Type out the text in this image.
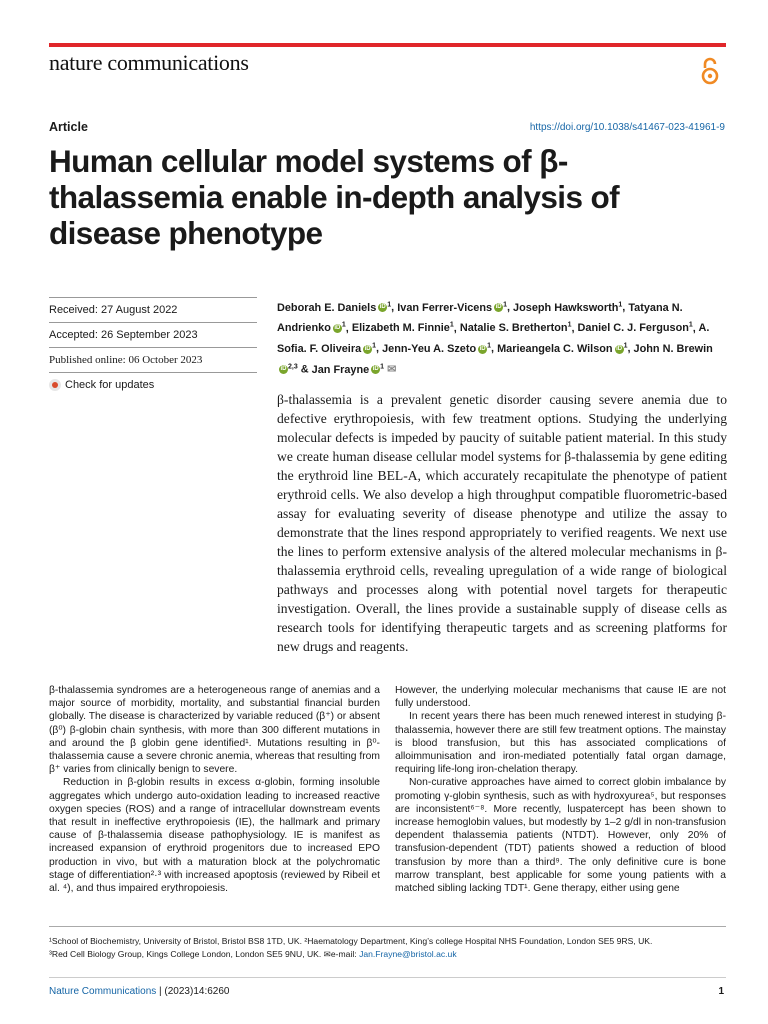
nature communications
Article	https://doi.org/10.1038/s41467-023-41961-9
Human cellular model systems of β-thalassemia enable in-depth analysis of disease phenotype
Received: 27 August 2022
Accepted: 26 September 2023
Published online: 06 October 2023
Check for updates
Deborah E. Daniels iD $^1$, Ivan Ferrer-Vicens iD $^1$, Joseph Hawksworth$^1$, Tatyana N. Andrienko iD $^1$, Elizabeth M. Finnie$^1$, Natalie S. Bretherton$^1$, Daniel C. J. Ferguson$^1$, A. Sofia. F. Oliveira iD $^1$, Jenn-Yeu A. Szeto iD $^1$, Marieangela C. Wilson iD $^1$, John N. BrewiniD $^{2,3}$ & Jan Frayne iD $^1$ ✉

β-thalassemia is a prevalent genetic disorder causing severe anemia due to defective erythropoiesis, with few treatment options. Studying the underlying molecular defects is impeded by paucity of suitable patient material. In this study we create human disease cellular model systems for β-thalassemia by gene editing the erythroid line BEL-A, which accurately recapitulate the phenotype of patient erythroid cells. We also develop a high throughput compatible fluorometric-based assay for evaluating severity of disease phenotype and utilize the assay to demonstrate that the lines respond appropriately to verified reagents. We next use the lines to perform extensive analysis of the altered molecular mechanisms in β-thalassemia erythroid cells, revealing upregulation of a wide range of biological pathways and processes along with potential novel targets for therapeutic investigation. Overall, the lines provide a sustainable supply of disease cells as research tools for identifying therapeutic targets and as screening platforms for new drugs and reagents.

β-thalassemia syndromes are a heterogeneous range of anemias and a major source of morbidity, mortality, and substantial financial burden globally. The disease is characterized by variable reduced (β⁺) or absent (β⁰) β-globin chain synthesis, with more than 300 different mutations in and around the β globin gene identified¹. Mutations resulting in β⁰-thalassemia cause a severe chronic anemia, whereas that resulting from β⁺ varies from clinically benign to severe.

Reduction in β-globin results in excess α-globin, forming insoluble aggregates which undergo auto-oxidation leading to increased reactive oxygen species (ROS) and a range of intracellular downstream events that result in ineffective erythropoiesis (IE), the hallmark and primary cause of β-thalassemia disease pathophysiology. IE is manifest as increased expansion of erythroid progenitors due to increased EPO production in vivo, but with a maturation block at the polychromatic stage of differentiation²·³ with increased apoptosis (reviewed by Ribeil et al. ⁴), and thus impaired erythropoiesis.

However, the underlying molecular mechanisms that cause IE are not fully understood.

In recent years there has been much renewed interest in studying β-thalassemia, however there are still few treatment options. The mainstay is blood transfusion, but this has associated complications of alloimmunisation and iron-mediated potentially fatal organ damage, requiring life-long iron-chelation therapy.

Non-curative approaches have aimed to correct globin imbalance by promoting γ-globin synthesis, such as with hydroxyurea⁵, but responses are inconsistent⁶⁻⁸. More recently, luspatercept has been shown to increase hemoglobin values, but modestly by 1–2 g/dl in non-transfusion dependent thalassemia patients (NTDT). However, only 20% of transfusion-dependent (TDT) patients showed a reduction of blood transfusion by more than a third⁹. The only definitive cure is bone marrow transplant, best applicable for some young patients with a matched sibling lacking TDT¹. Gene therapy, either using gene

¹School of Biochemistry, University of Bristol, Bristol BS8 1TD, UK. ²Haematology Department, King’s college Hospital NHS Foundation, London SE5 9RS, UK.
³Red Cell Biology Group, Kings College London, London SE5 9NU, UK. ✉e-mail: Jan.Frayne@bristol.ac.uk
Nature Communications | (2023)14:6260	1
